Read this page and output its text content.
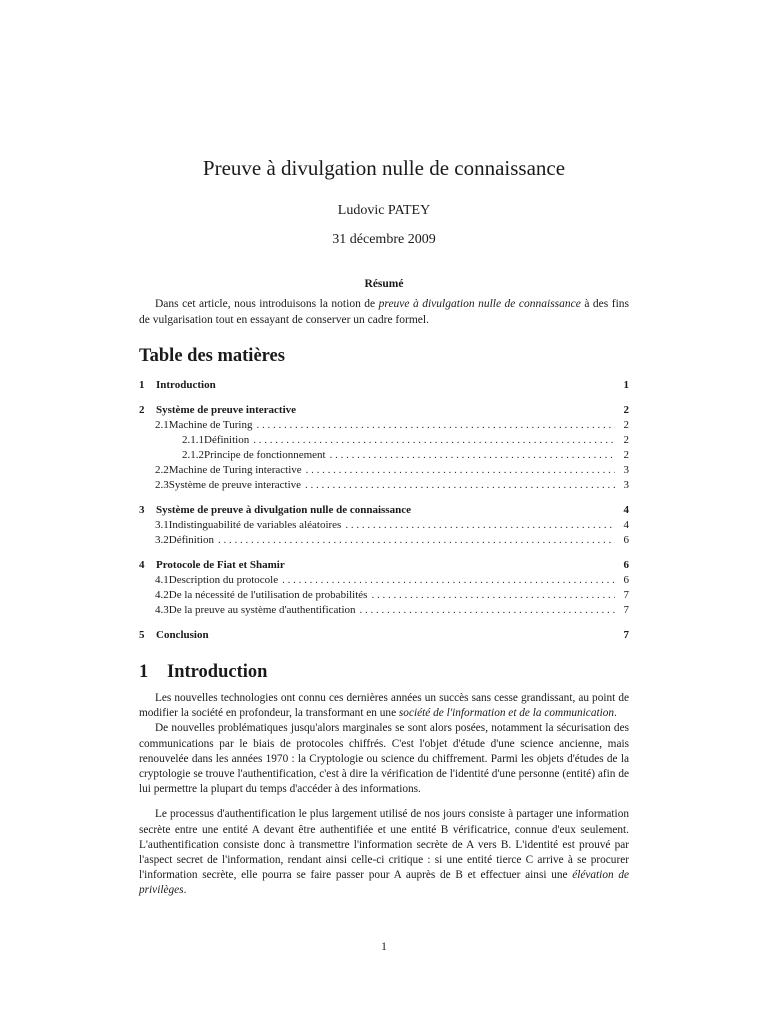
Preuve à divulgation nulle de connaissance
Ludovic PATEY
31 décembre 2009
Résumé

Dans cet article, nous introduisons la notion de preuve à divulgation nulle de connaissance à des fins de vulgarisation tout en essayant de conserver un cadre formel.

Table des matières
1	Introduction	1
2	Système de preuve interactive	2
2.1 Machine de Turing . . .	2
2.1.1 Définition . . .	2
2.1.2 Principe de fonctionnement . . .	2
2.2 Machine de Turing interactive . . .	3
2.3 Système de preuve interactive . . .	3
3	Système de preuve à divulgation nulle de connaissance	4
3.1 Indistinguabilité de variables aléatoires . . .	4
3.2 Définition . . .	6
4	Protocole de Fiat et Shamir	6
4.1 Description du protocole . . .	6
4.2 De la nécessité de l'utilisation de probabilités . . .	7
4.3 De la preuve au système d'authentification . . .	7
5	Conclusion	7
1 Introduction

Les nouvelles technologies ont connu ces dernières années un succès sans cesse grandissant, au point de modifier la société en profondeur, la transformant en une société de l'information et de la communication.

De nouvelles problématiques jusqu'alors marginales se sont alors posées, notamment la sécurisation des communications par le biais de protocoles chiffrés. C'est l'objet d'étude d'une science ancienne, mais renouvelée dans les années 1970 : la Cryptologie ou science du chiffrement. Parmi les objets d'études de la cryptologie se trouve l'authentification, c'est à dire la vérification de l'identité d'une personne (entité) afin de lui permettre la plupart du temps d'accéder à des informations.

Le processus d'authentification le plus largement utilisé de nos jours consiste à partager une information secrète entre une entité A devant être authentifiée et une entité B vérificatrice, connue d'eux seulement. L'authentification consiste donc à transmettre l'information secrète de A vers B. L'identité est prouvé par l'aspect secret de l'information, rendant ainsi celle-ci critique : si une entité tierce C arrive à se procurer l'information secrète, elle pourra se faire passer pour A auprès de B et effectuer ainsi une élévation de privilèges.

1
